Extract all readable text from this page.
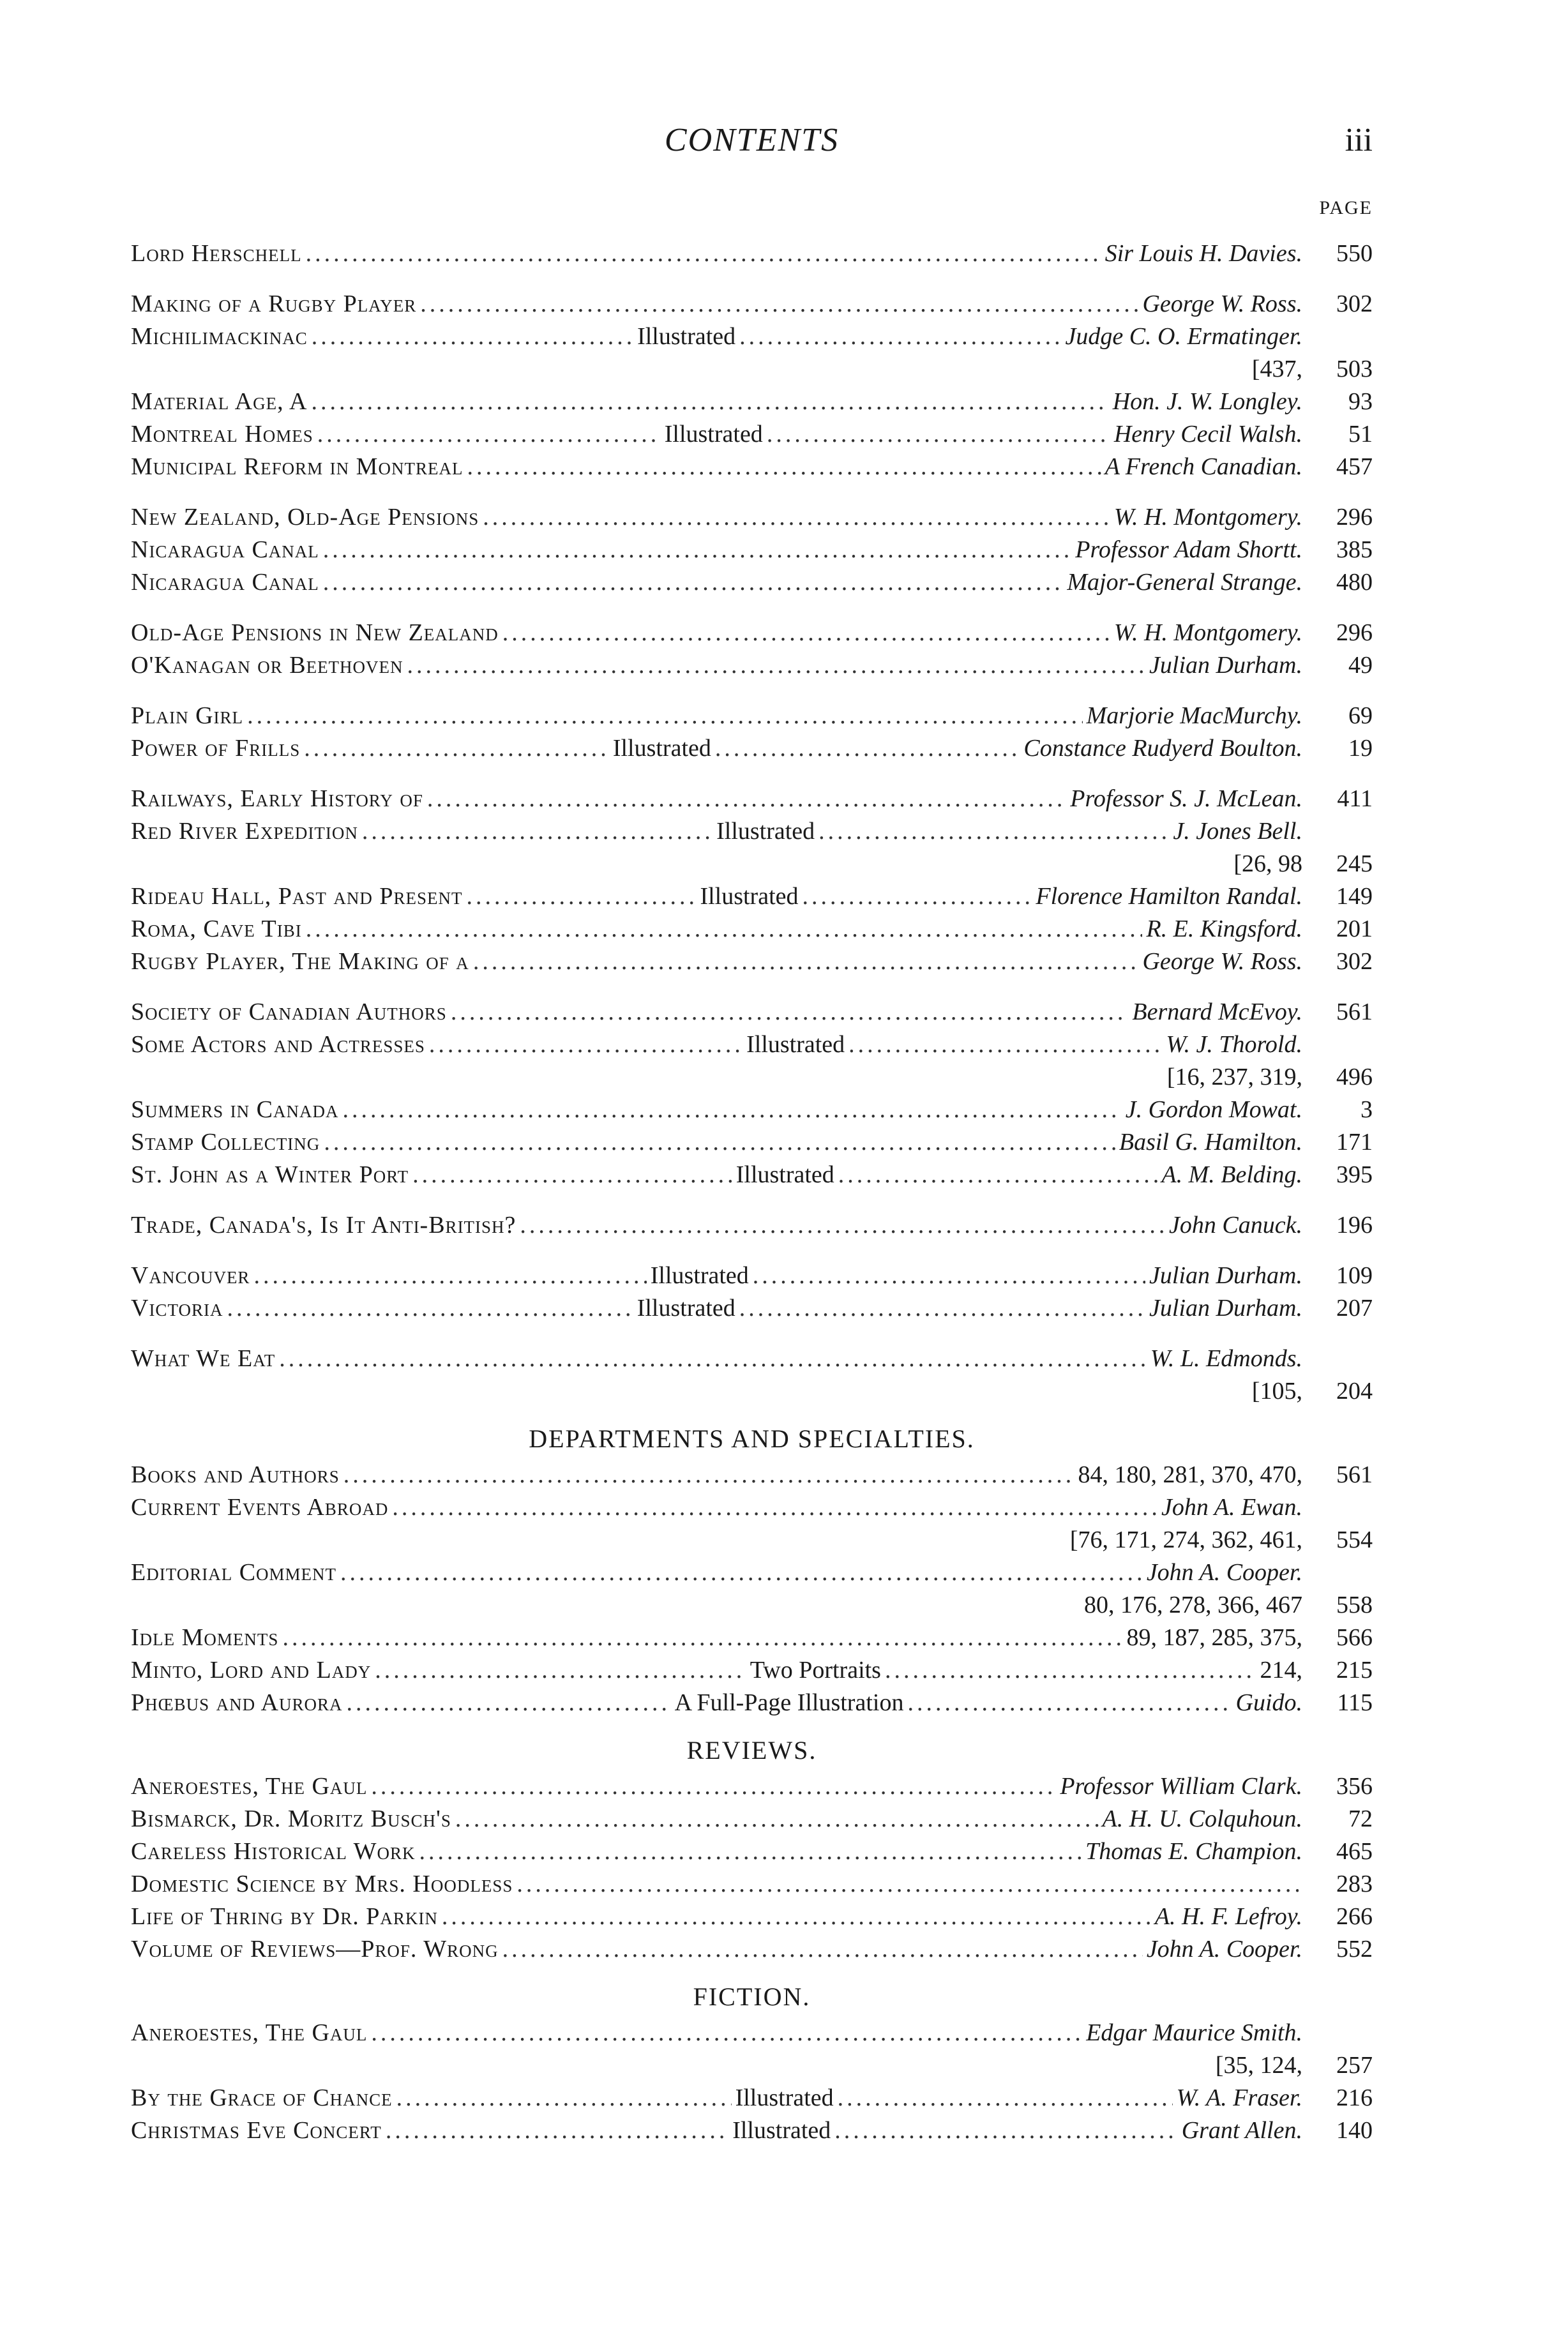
CONTENTS	iii
PAGE
Lord Herschell .....	Sir Louis H. Davies.	550
Making of a Rugby Player .....	George W. Ross.	302
Michilimackinac .....	Illustrated .....	Judge C. O. Ermatinger.
[437,	503
Material Age, A .....	Hon. J. W. Longley.	93
Montreal Homes .....	Illustrated .....	Henry Cecil Walsh.	51
Municipal Reform in Montreal .....	A French Canadian.	457
New Zealand, Old-Age Pensions .....	W. H. Montgomery.	296
Nicaragua Canal .....	Professor Adam Shortt.	385
Nicaragua Canal .....	Major-General Strange.	480
Old-Age Pensions in New Zealand .....	W. H. Montgomery.	296
O'Kanagan or Beethoven .....	Julian Durham.	49
Plain Girl .....	Marjorie MacMurchy.	69
Power of Frills .....	Illustrated .....	Constance Rudyerd Boulton.	19
Railways, Early History of .....	Professor S. J. McLean.	411
Red River Expedition .....	Illustrated .....	J. Jones Bell.
[26, 98	245
Rideau Hall, Past and Present .....	Illustrated .....	Florence Hamilton Randal.	149
Roma, Cave Tibi .....	R. E. Kingsford.	201
Rugby Player, The Making of a .....	George W. Ross.	302
Society of Canadian Authors .....	Bernard McEvoy.	561
Some Actors and Actresses .....	Illustrated .....	W. J. Thorold.
[16, 237, 319,	496
Summers in Canada .....	J. Gordon Mowat.	3
Stamp Collecting .....	Basil G. Hamilton.	171
St. John as a Winter Port .....	Illustrated .....	A. M. Belding.	395
Trade, Canada's, Is It Anti-British? .....	John Canuck.	196
Vancouver .....	Illustrated .....	Julian Durham.	109
Victoria .....	Illustrated .....	Julian Durham.	207
What We Eat .....	W. L. Edmonds.
[105,	204
DEPARTMENTS AND SPECIALTIES.
Books and Authors .....	84, 180, 281, 370, 470,	561
Current Events Abroad .....	John A. Ewan.
[76, 171, 274, 362, 461,	554
Editorial Comment .....	John A. Cooper.
80, 176, 278, 366, 467	558
Idle Moments .....	89, 187, 285, 375,	566
Minto, Lord and Lady .....	Two Portraits .....	214,	215
Phœbus and Aurora .....	A Full-Page Illustration .....	Guido.	115
REVIEWS.
Aneroestes, The Gaul .....	Professor William Clark.	356
Bismarck, Dr. Moritz Busch's .....	A. H. U. Colquhoun.	72
Careless Historical Work .....	Thomas E. Champion.	465
Domestic Science by Mrs. Hoodless .....	283
Life of Thring by Dr. Parkin .....	A. H. F. Lefroy.	266
Volume of Reviews—Prof. Wrong .....	John A. Cooper.	552
FICTION.
Aneroestes, The Gaul .....	Edgar Maurice Smith.
[35, 124,	257
By the Grace of Chance .....	Illustrated .....	W. A. Fraser.	216
Christmas Eve Concert .....	Illustrated .....	Grant Allen.	140
